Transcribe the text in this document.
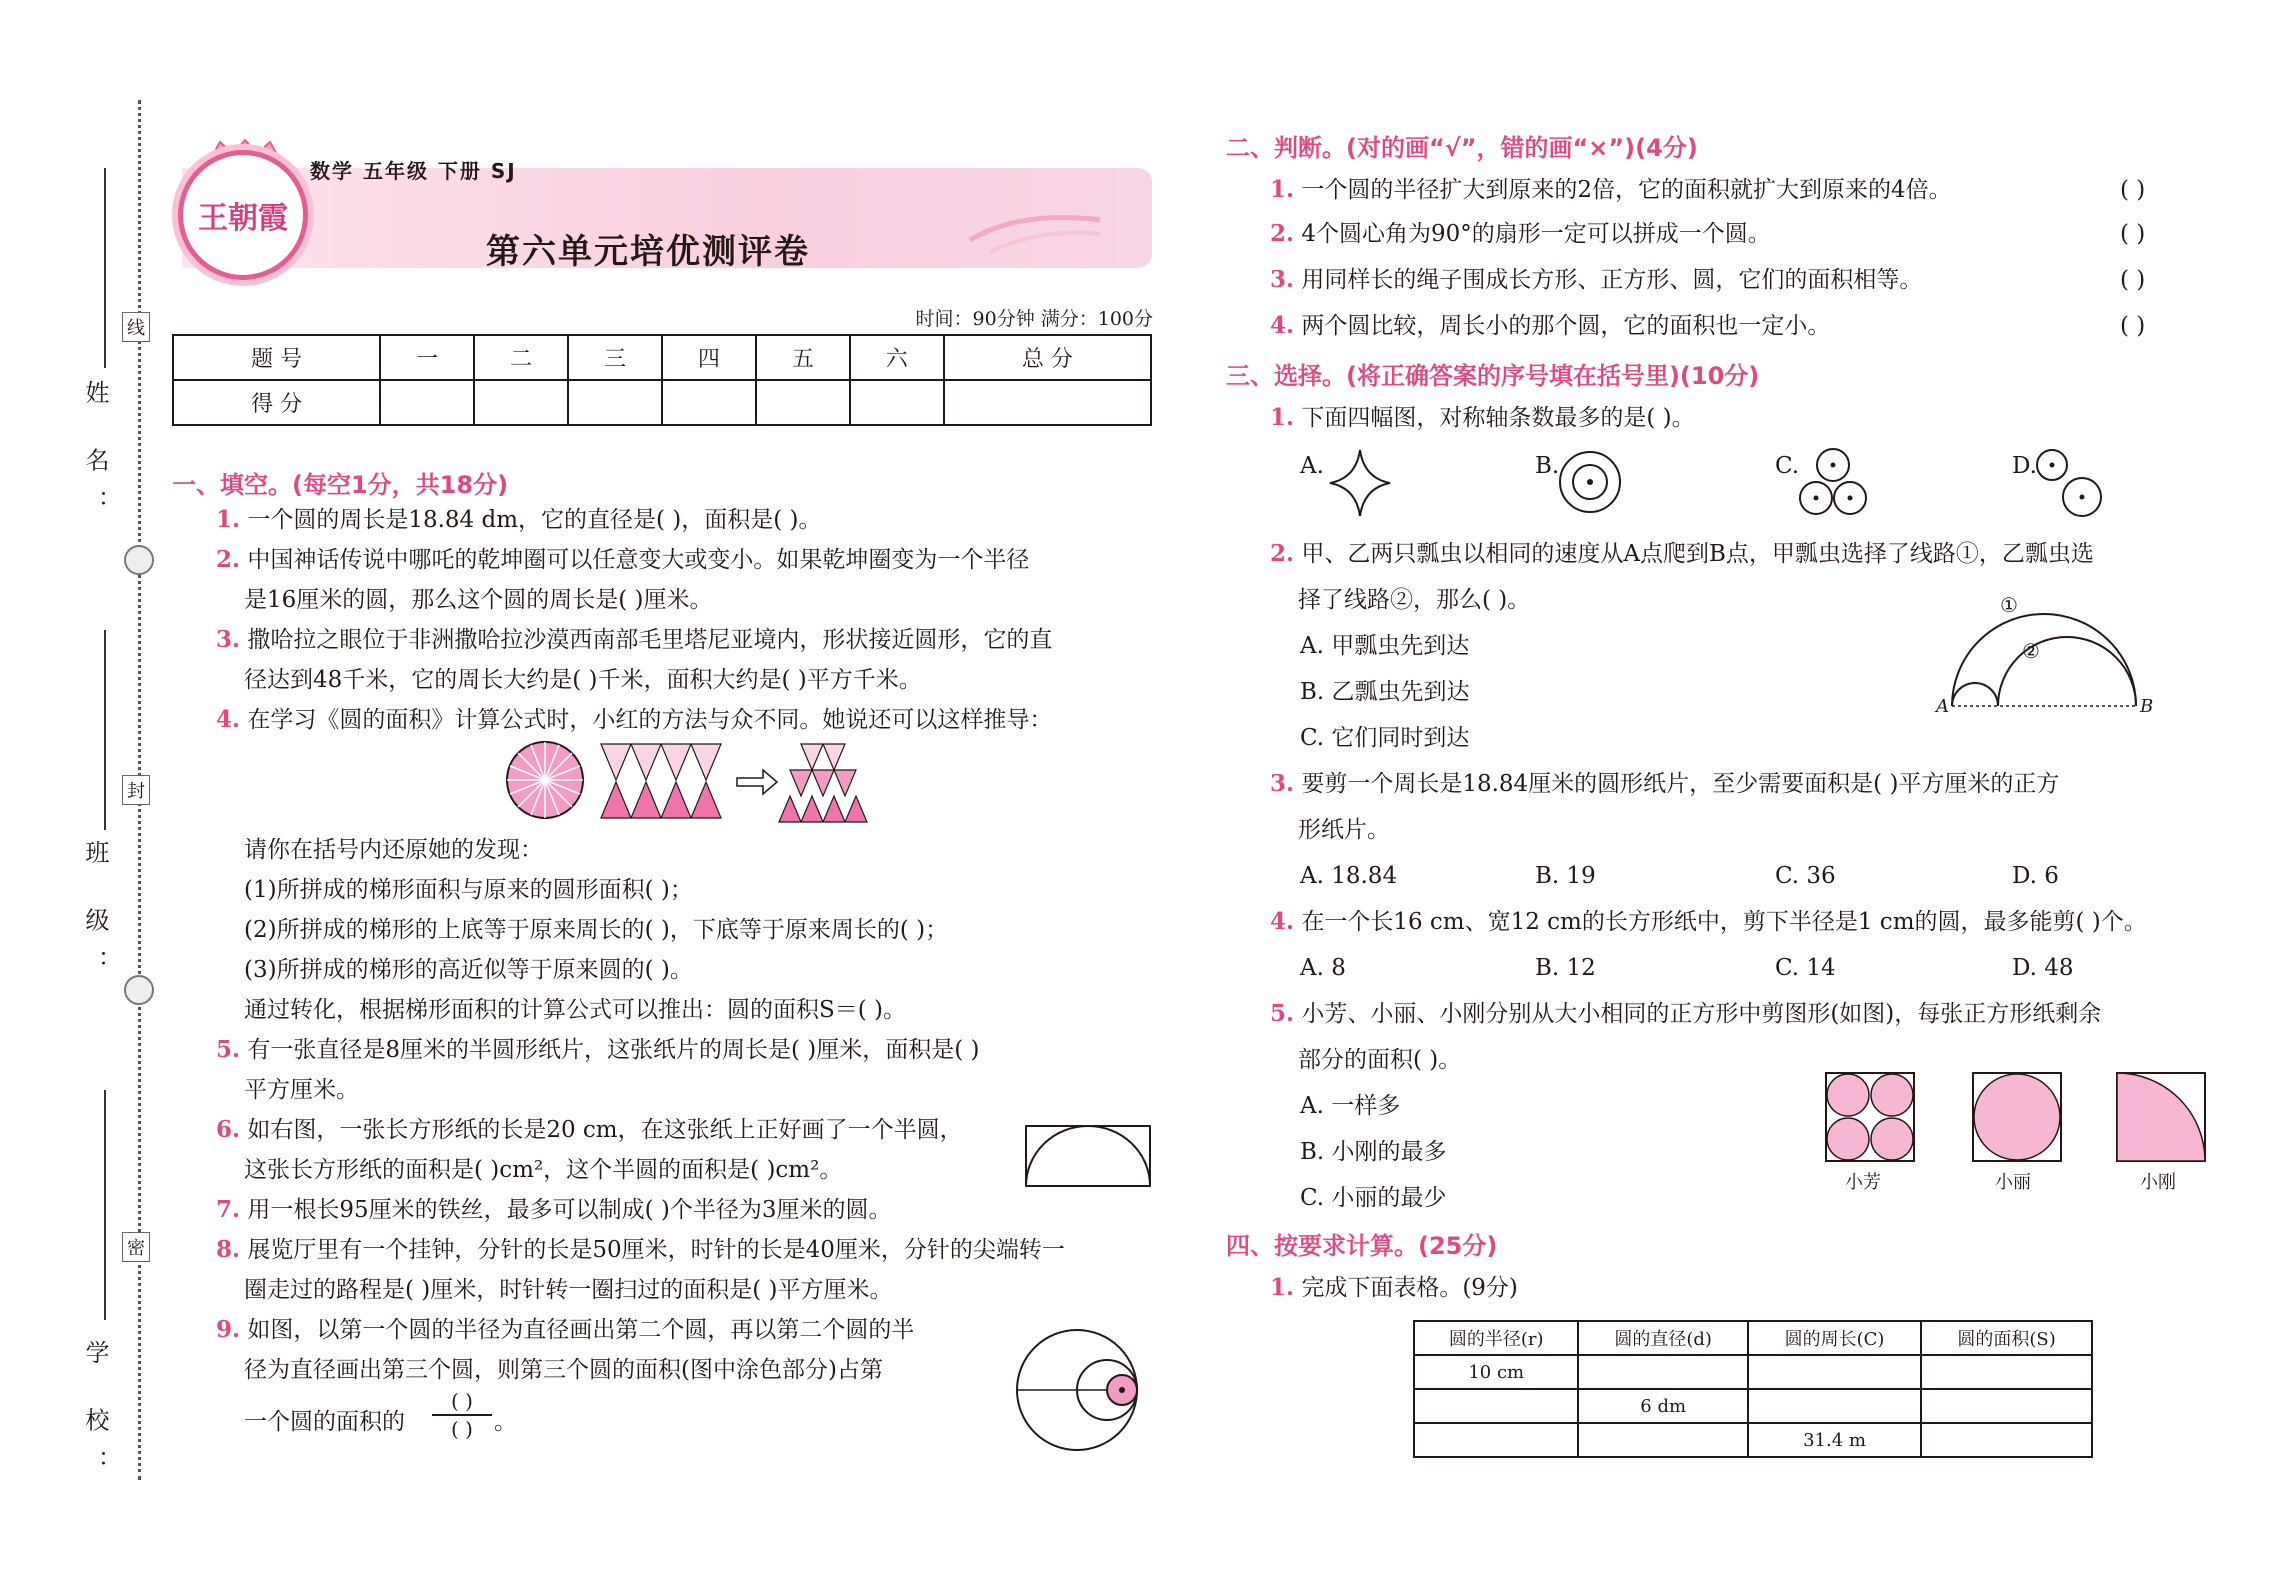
姓 名：
班 级：
学 校：
线
封
密
王朝霞
数学 五年级 下册 SJ
第六单元培优测评卷
时间：90分钟 满分：100分
题 号	一	二	三	四	五	六	总 分
得 分							
一、填空。(每空1分，共18分)
1. 一个圆的周长是18.84 dm，它的直径是( )，面积是( )。
2. 中国神话传说中哪吒的乾坤圈可以任意变大或变小。如果乾坤圈变为一个半径
是16厘米的圆，那么这个圆的周长是( )厘米。
3. 撒哈拉之眼位于非洲撒哈拉沙漠西南部毛里塔尼亚境内，形状接近圆形，它的直
径达到48千米，它的周长大约是( )千米，面积大约是( )平方千米。
4. 在学习《圆的面积》计算公式时，小红的方法与众不同。她说还可以这样推导：
请你在括号内还原她的发现：
(1)所拼成的梯形面积与原来的圆形面积( )；
(2)所拼成的梯形的上底等于原来周长的( )，下底等于原来周长的( )；
(3)所拼成的梯形的高近似等于原来圆的( )。
通过转化，根据梯形面积的计算公式可以推出：圆的面积S＝( )。
5. 有一张直径是8厘米的半圆形纸片，这张纸片的周长是( )厘米，面积是( )
平方厘米。
6. 如右图，一张长方形纸的长是20 cm，在这张纸上正好画了一个半圆，
这张长方形纸的面积是( )cm²，这个半圆的面积是( )cm²。
7. 用一根长95厘米的铁丝，最多可以制成( )个半径为3厘米的圆。
8. 展览厅里有一个挂钟，分针的长是50厘米，时针的长是40厘米，分针的尖端转一
圈走过的路程是( )厘米，时针转一圈扫过的面积是( )平方厘米。
9. 如图，以第一个圆的半径为直径画出第二个圆，再以第二个圆的半
径为直径画出第三个圆，则第三个圆的面积(图中涂色部分)占第
一个圆的面积的
( )
( ) 。
二、判断。(对的画“√”，错的画“×”)(4分)
1. 一个圆的半径扩大到原来的2倍，它的面积就扩大到原来的4倍。	( )
2. 4个圆心角为90°的扇形一定可以拼成一个圆。	( )
3. 用同样长的绳子围成长方形、正方形、圆，它们的面积相等。	( )
4. 两个圆比较，周长小的那个圆，它的面积也一定小。	( )
三、选择。(将正确答案的序号填在括号里)(10分)
1. 下面四幅图，对称轴条数最多的是( )。
A.	B.	C.	D.
2. 甲、乙两只瓢虫以相同的速度从A点爬到B点，甲瓢虫选择了线路①，乙瓢虫选
择了线路②，那么( )。
A. 甲瓢虫先到达
B. 乙瓢虫先到达
C. 它们同时到达
①
②
A	B
3. 要剪一个周长是18.84厘米的圆形纸片，至少需要面积是( )平方厘米的正方
形纸片。
A. 18.84	B. 19	C. 36	D. 6
4. 在一个长16 cm、宽12 cm的长方形纸中，剪下半径是1 cm的圆，最多能剪( )个。
A. 8	B. 12	C. 14	D. 48
5. 小芳、小丽、小刚分别从大小相同的正方形中剪图形(如图)，每张正方形纸剩余
部分的面积( )。
A. 一样多
B. 小刚的最多
C. 小丽的最少
小芳	小丽	小刚
四、按要求计算。(25分)
1. 完成下面表格。(9分)
圆的半径(r)	圆的直径(d)	圆的周长(C)	圆的面积(S)
10 cm			
	6 dm		
		31.4 m	
